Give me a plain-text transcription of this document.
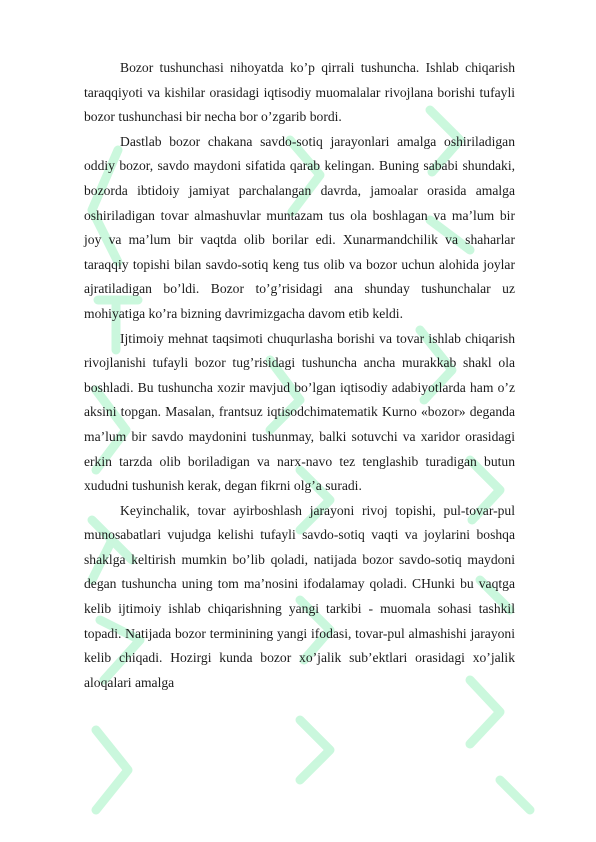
Bozor tushunchasi nihoyatda ko’p qirrali tushuncha. Ishlab chiqarish taraqqiyoti va kishilar orasidagi iqtisodiy muomalalar rivojlana borishi tufayli bozor tushunchasi bir necha bor o’zgarib bordi.

Dastlab bozor chakana savdo-sotiq jarayonlari amalga oshiriladigan oddiy bozor, savdo maydoni sifatida qarab kelingan. Buning sababi shundaki, bozorda ibtidoiy jamiyat parchalangan davrda, jamoalar orasida amalga oshiriladigan tovar almashuvlar muntazam tus ola boshlagan va ma’lum bir joy va ma’lum bir vaqtda olib borilar edi. Xunarmandchilik va shaharlar taraqqiy topishi bilan savdo-sotiq keng tus olib va bozor uchun alohida joylar ajratiladigan bo’ldi. Bozor to’g’risidagi ana shunday tushunchalar uz mohiyatiga ko’ra bizning davrimizgacha davom etib keldi.

Ijtimoiy mehnat taqsimoti chuqurlasha borishi va tovar ishlab chiqarish rivojlanishi tufayli bozor tug’risidagi tushuncha ancha murakkab shakl ola boshladi. Bu tushuncha xozir mavjud bo’lgan iqtisodiy adabiyotlarda ham o’z aksini topgan. Masalan, frantsuz iqtisodchimatematik Kurno «bozor» deganda ma’lum bir savdo maydonini tushunmay, balki sotuvchi va xaridor orasidagi erkin tarzda olib boriladigan va narx-navo tez tenglashib turadigan butun xududni tushunish kerak, degan fikrni olg’a suradi.

Keyinchalik, tovar ayirboshlash jarayoni rivoj topishi, pul-tovar-pul munosabatlari vujudga kelishi tufayli savdo-sotiq vaqti va joylarini boshqa shaklga keltirish mumkin bo’lib qoladi, natijada bozor savdo-sotiq maydoni degan tushuncha uning tom ma’nosini ifodalamay qoladi. CHunki bu vaqtga kelib ijtimoiy ishlab chiqarishning yangi tarkibi - muomala sohasi tashkil topadi. Natijada bozor terminining yangi ifodasi, tovar-pul almashishi jarayoni kelib chiqadi. Hozirgi kunda bozor xo’jalik sub’ektlari orasidagi xo’jalik aloqalari amalga
